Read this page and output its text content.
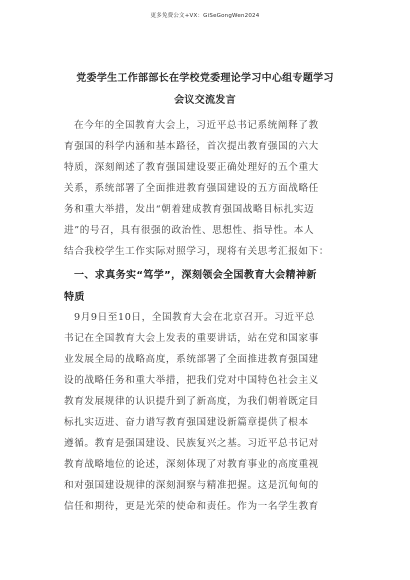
更多免费公文+VX：GiSeGongWen2024
党委学生工作部部长在学校党委理论学习中心组专题学习
会议交流发言
在今年的全国教育大会上，习近平总书记系统阐释了教
育强国的科学内涵和基本路径，首次提出教育强国的六大
特质，深刻阐述了教育强国建设要正确处理好的五个重大
关系，系统部署了全面推进教育强国建设的五方面战略任
务和重大举措，发出“朝着建成教育强国战略目标扎实迈
进”的号召，具有很强的政治性、思想性、指导性。本人
结合我校学生工作实际对照学习，现将有关思考汇报如下：
一、求真务实“笃学”，深刻领会全国教育大会精神新
特质
9月9日至10日，全国教育大会在北京召开。习近平总
书记在全国教育大会上发表的重要讲话，站在党和国家事
业发展全局的战略高度，系统部署了全面推进教育强国建
设的战略任务和重大举措，把我们党对中国特色社会主义
教育发展规律的认识提升到了新高度，为我们朝着既定目
标扎实迈进、奋力谱写教育强国建设新篇章提供了根本
遵循。教育是强国建设、民族复兴之基。习近平总书记对
教育战略地位的论述，深刻体现了对教育事业的高度重视
和对强国建设规律的深刻洞察与精准把握。这是沉甸甸的
信任和期待，更是光荣的使命和责任。作为一名学生教育
